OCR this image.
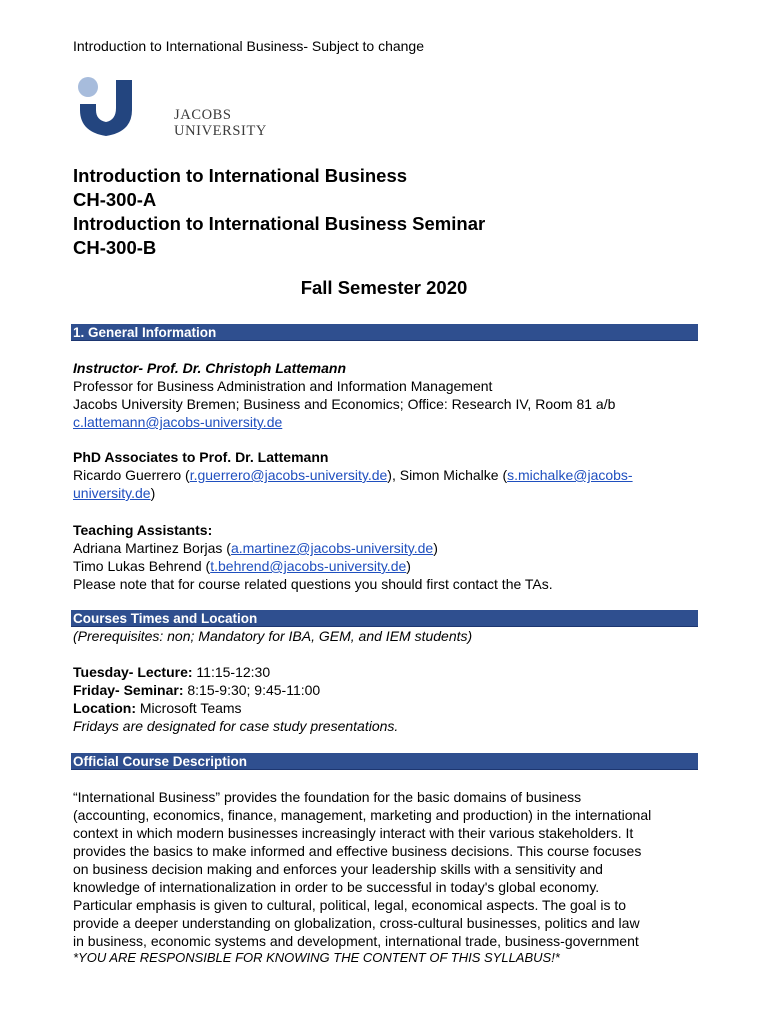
Introduction to International Business- Subject to change
JACOBS
UNIVERSITY
Introduction to International Business
CH-300-A
Introduction to International Business Seminar
CH-300-B
Fall Semester 2020
1. General Information
Instructor- Prof. Dr. Christoph Lattemann
Professor for Business Administration and Information Management
Jacobs University Bremen; Business and Economics; Office: Research IV, Room 81 a/b
c.lattemann@jacobs-university.de
PhD Associates to Prof. Dr. Lattemann
Ricardo Guerrero (r.guerrero@jacobs-university.de), Simon Michalke (s.michalke@jacobs-
university.de)
Teaching Assistants:
Adriana Martinez Borjas (a.martinez@jacobs-university.de)
Timo Lukas Behrend (t.behrend@jacobs-university.de)
Please note that for course related questions you should first contact the TAs.
Courses Times and Location
(Prerequisites: non; Mandatory for IBA, GEM, and IEM students)
Tuesday- Lecture: 11:15-12:30
Friday- Seminar: 8:15-9:30; 9:45-11:00
Location: Microsoft Teams
Fridays are designated for case study presentations.
Official Course Description
“International Business” provides the foundation for the basic domains of business
(accounting, economics, finance, management, marketing and production) in the international
context in which modern businesses increasingly interact with their various stakeholders. It
provides the basics to make informed and effective business decisions. This course focuses
on business decision making and enforces your leadership skills with a sensitivity and
knowledge of internationalization in order to be successful in today's global economy.
Particular emphasis is given to cultural, political, legal, economical aspects. The goal is to
provide a deeper understanding on globalization, cross-cultural businesses, politics and law
in business, economic systems and development, international trade, business-government
*YOU ARE RESPONSIBLE FOR KNOWING THE CONTENT OF THIS SYLLABUS!*
